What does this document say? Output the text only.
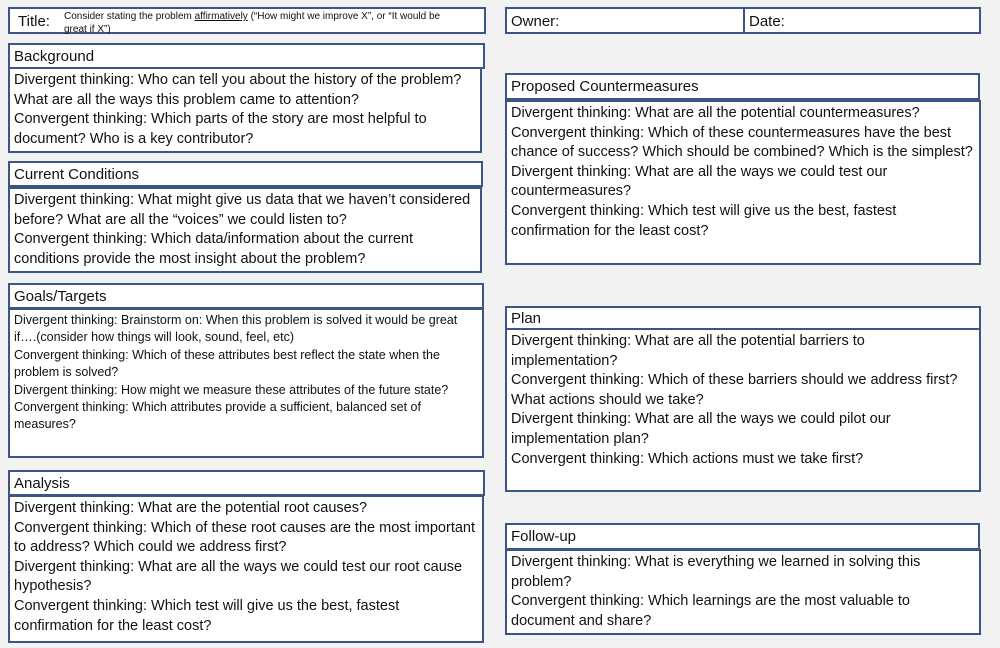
Title: Consider stating the problem affirmatively (“How might we improve X”, or “It would be great if X”)	Owner:	Date:
Background

Divergent thinking: Who can tell you about the history of the problem? What are all the ways this problem came to attention?

Convergent thinking: Which parts of the story are most helpful to document? Who is a key contributor?

Current Conditions

Divergent thinking: What might give us data that we haven’t considered before? What are all the “voices” we could listen to?

Convergent thinking: Which data/information about the current conditions provide the most insight about the problem?

Goals/Targets

Divergent thinking: Brainstorm on: When this problem is solved it would be great if….(consider how things will look, sound, feel, etc)

Convergent thinking: Which of these attributes best reflect the state when the problem is solved?

Divergent thinking: How might we measure these attributes of the future state?

Convergent thinking: Which attributes provide a sufficient, balanced set of measures?

Analysis

Divergent thinking: What are the potential root causes?

Convergent thinking: Which of these root causes are the most important to address? Which could we address first?

Divergent thinking: What are all the ways we could test our root cause hypothesis?

Convergent thinking: Which test will give us the best, fastest confirmation for the least cost?

Proposed Countermeasures

Divergent thinking: What are all the potential countermeasures?

Convergent thinking: Which of these countermeasures have the best chance of success? Which should be combined? Which is the simplest?

Divergent thinking: What are all the ways we could test our countermeasures?

Convergent thinking: Which test will give us the best, fastest confirmation for the least cost?

Plan

Divergent thinking: What are all the potential barriers to implementation?

Convergent thinking: Which of these barriers should we address first? What actions should we take?

Divergent thinking: What are all the ways we could pilot our implementation plan?

Convergent thinking: Which actions must we take first?

Follow-up

Divergent thinking: What is everything we learned in solving this problem?

Convergent thinking: Which learnings are the most valuable to document and share?
